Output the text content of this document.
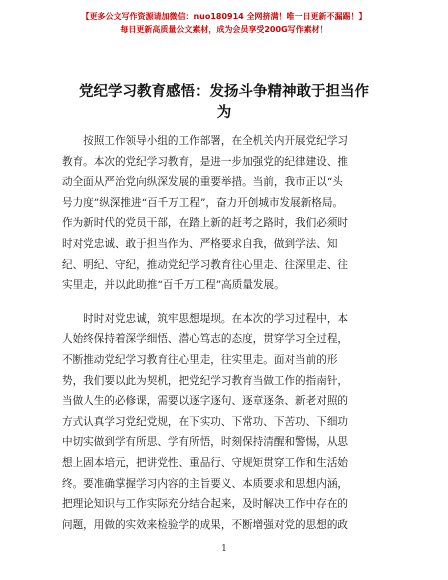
【更多公文写作资源请加微信：nuo180914 全网挤满！唯一日更新不漏踢！】
每日更新高质量公文素材，成为会员享受200G写作素材！
党纪学习教育感悟：发扬斗争精神敢于担当作
为
　　按照工作领导小组的工作部署，在全机关内开展党纪学习
教育。本次的党纪学习教育，是进一步加强党的纪律建设、推
动全面从严治党向纵深发展的重要举措。当前，我市正以“头
号力度”纵深推进“百千万工程”，奋力开创城市发展新格局。
作为新时代的党员干部，在踏上新的赶考之路时，我们必须时
时对党忠诚、敢于担当作为、严格要求自我，做到学法、知
纪、明纪、守纪，推动党纪学习教育往心里走、往深里走、往
实里走，并以此助推“百千万工程”高质量发展。
　　时时对党忠诚，筑牢思想堤坝。在本次的学习过程中，本
人始终保持着深学细悟、潜心笃志的态度，贯穿学习全过程，
不断推动党纪学习教育往心里走，往实里走。面对当前的形
势，我们要以此为契机，把党纪学习教育当做工作的指南针，
当做人生的必修课，需要以逐字逐句、逐章逐条、新老对照的
方式认真学习党纪党规，在下实功、下常功、下苦功、下细功
中切实做到学有所思、学有所悟，时刻保持清醒和警惕，从思
想上固本培元，把讲党性、重品行、守规矩贯穿工作和生活始
终。要准确掌握学习内容的主旨要义、本质要求和思想内涵，
把理论知识与工作实际充分结合起来，及时解决工作中存在的
问题，用做的实效来检验学的成果，不断增强对党的思想的政
1
